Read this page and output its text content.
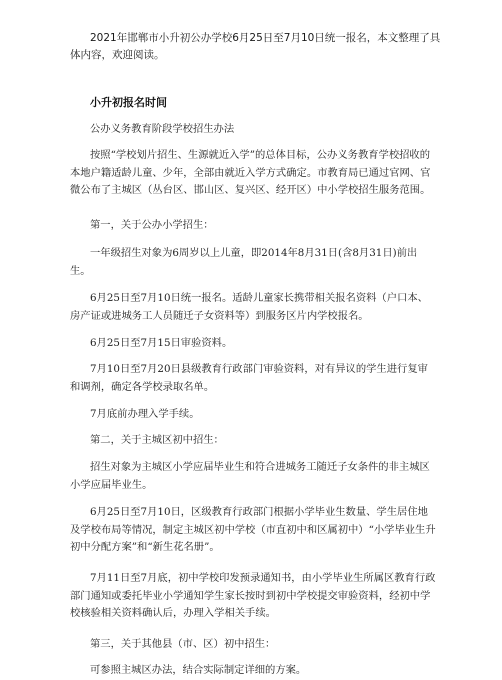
2021年邯郸市小升初公办学校6月25日至7月10日统一报名，本文整理了具体内容，欢迎阅读。

小升初报名时间

公办义务教育阶段学校招生办法

按照“学校划片招生、生源就近入学”的总体目标，公办义务教育学校招收的本地户籍适龄儿童、少年，全部由就近入学方式确定。市教育局已通过官网、官微公布了主城区（丛台区、邯山区、复兴区、经开区）中小学校招生服务范围。

第一，关于公办小学招生：

一年级招生对象为6周岁以上儿童，即2014年8月31日(含8月31日)前出生。

6月25日至7月10日统一报名。适龄儿童家长携带相关报名资料（户口本、房产证或进城务工人员随迁子女资料等）到服务区片内学校报名。

6月25日至7月15日审验资料。

7月10日至7月20日县级教育行政部门审验资料，对有异议的学生进行复审和调剂，确定各学校录取名单。

7月底前办理入学手续。

第二，关于主城区初中招生：

招生对象为主城区小学应届毕业生和符合进城务工随迁子女条件的非主城区小学应届毕业生。

6月25日至7月10日，区级教育行政部门根据小学毕业生数量、学生居住地及学校布局等情况，制定主城区初中学校（市直初中和区属初中）“小学毕业生升初中分配方案”和“新生花名册”。

7月11日至7月底，初中学校印发预录通知书，由小学毕业生所属区教育行政部门通知或委托毕业小学通知学生家长按时到初中学校提交审验资料，经初中学校核验相关资料确认后，办理入学相关手续。

第三，关于其他县（市、区）初中招生：

可参照主城区办法，结合实际制定详细的方案。
